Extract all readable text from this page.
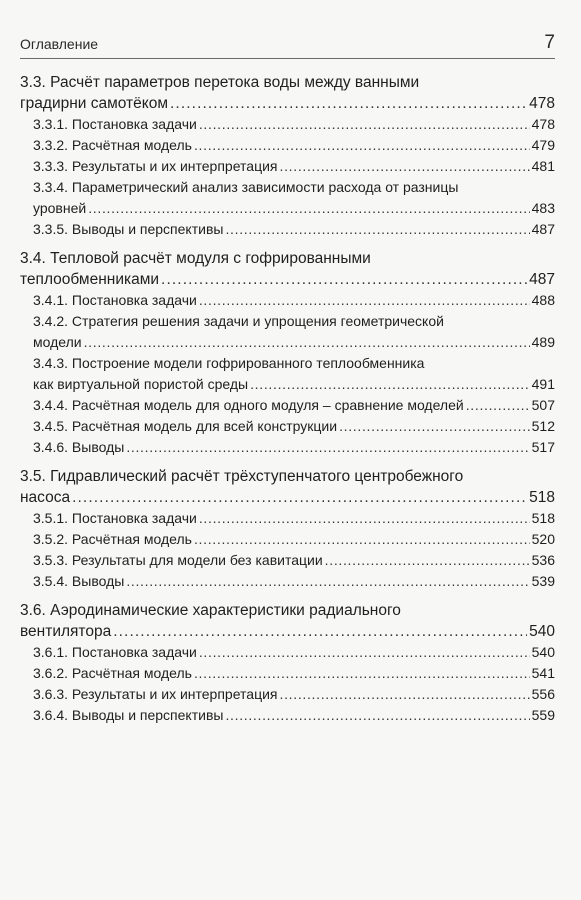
Оглавление	7
3.3. Расчёт параметров перетока воды между ванными
градирни самотёком . . .	478
3.3.1. Постановка задачи . . .	478
3.3.2. Расчётная модель . . .	479
3.3.3. Результаты и их интерпретация . . .	481
3.3.4. Параметрический анализ зависимости расхода от разницы
уровней . . .	483
3.3.5. Выводы и перспективы . . .	487
3.4. Тепловой расчёт модуля с гофрированными
теплообменниками . . .	487
3.4.1. Постановка задачи . . .	488
3.4.2. Стратегия решения задачи и упрощения геометрической
модели . . .	489
3.4.3. Построение модели гофрированного теплообменника
как виртуальной пористой среды . . .	491
3.4.4. Расчётная модель для одного модуля – сравнение моделей . . .	507
3.4.5. Расчётная модель для всей конструкции . . .	512
3.4.6. Выводы . . .	517
3.5. Гидравлический расчёт трёхступенчатого центробежного
насоса . . .	518
3.5.1. Постановка задачи . . .	518
3.5.2. Расчётная модель . . .	520
3.5.3. Результаты для модели без кавитации . . .	536
3.5.4. Выводы . . .	539
3.6. Аэродинамические характеристики радиального
вентилятора . . .	540
3.6.1. Постановка задачи . . .	540
3.6.2. Расчётная модель . . .	541
3.6.3. Результаты и их интерпретация . . .	556
3.6.4. Выводы и перспективы . . .	559
